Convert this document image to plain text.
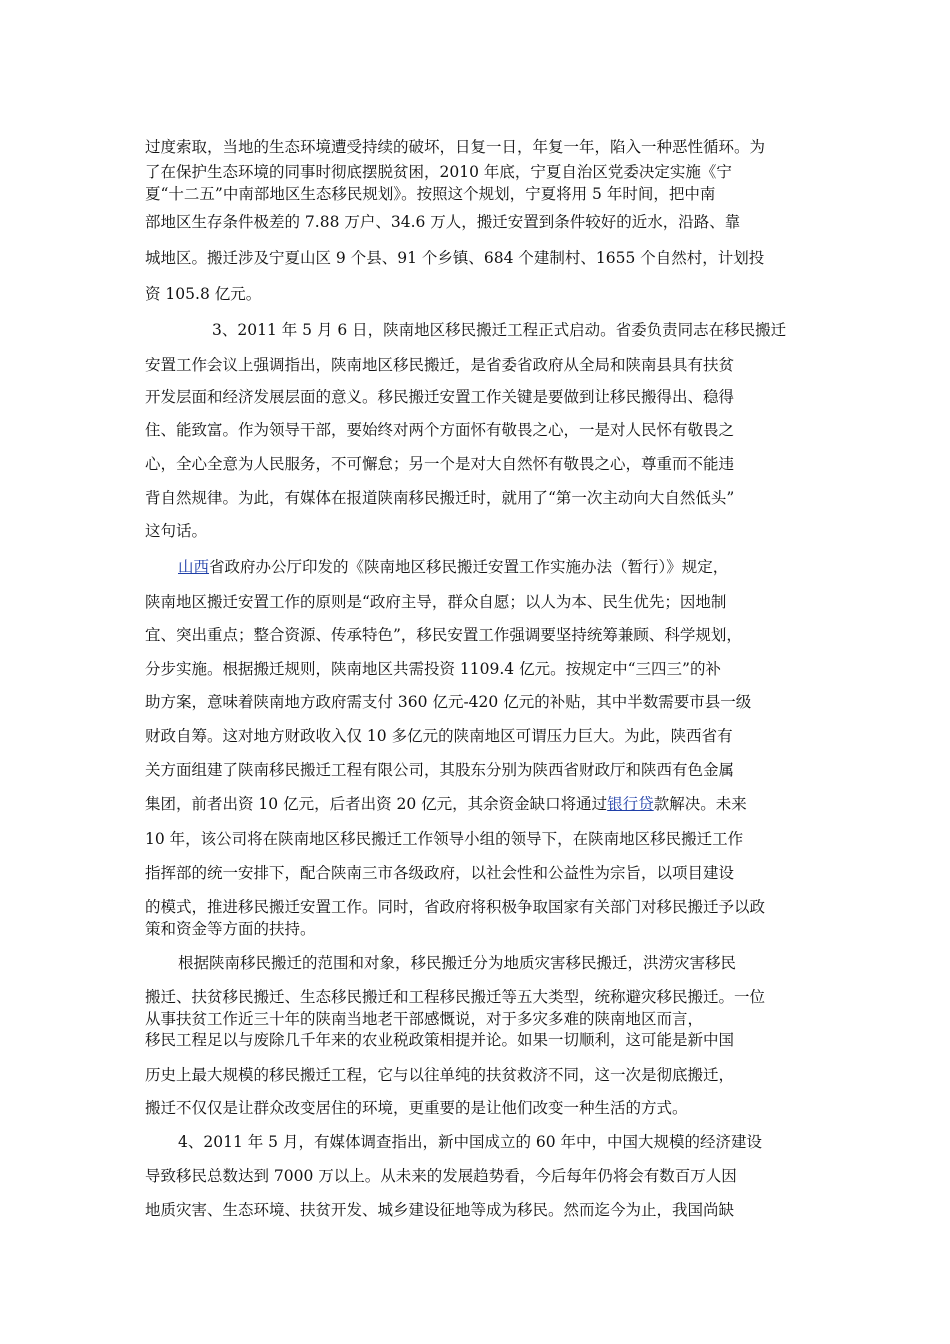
过度索取，当地的生态环境遭受持续的破坏，日复一日，年复一年，陷入一种恶性循环。为
了在保护生态环境的同事时彻底摆脱贫困，2010 年底，宁夏自治区党委决定实施《宁
夏“十二五”中南部地区生态移民规划》。按照这个规划，宁夏将用 5 年时间，把中南
部地区生存条件极差的 7.88 万户、34.6 万人，搬迁安置到条件较好的近水，沿路、靠
城地区。搬迁涉及宁夏山区 9 个县、91 个乡镇、684 个建制村、1655 个自然村，计划投
资 105.8 亿元。
3、2011 年 5 月 6 日，陕南地区移民搬迁工程正式启动。省委负责同志在移民搬迁
安置工作会议上强调指出，陕南地区移民搬迁，是省委省政府从全局和陕南县具有扶贫
开发层面和经济发展层面的意义。移民搬迁安置工作关键是要做到让移民搬得出、稳得
住、能致富。作为领导干部，要始终对两个方面怀有敬畏之心，一是对人民怀有敬畏之
心，全心全意为人民服务，不可懈怠；另一个是对大自然怀有敬畏之心，尊重而不能违
背自然规律。为此，有媒体在报道陕南移民搬迁时，就用了“第一次主动向大自然低头”
这句话。
山西省政府办公厅印发的《陕南地区移民搬迁安置工作实施办法（暂行）》规定，
陕南地区搬迁安置工作的原则是“政府主导，群众自愿；以人为本、民生优先；因地制
宜、突出重点；整合资源、传承特色”，移民安置工作强调要坚持统筹兼顾、科学规划，
分步实施。根据搬迁规则，陕南地区共需投资 1109.4 亿元。按规定中“三四三”的补
助方案，意味着陕南地方政府需支付 360 亿元-420 亿元的补贴，其中半数需要市县一级
财政自筹。这对地方财政收入仅 10 多亿元的陕南地区可谓压力巨大。为此，陕西省有
关方面组建了陕南移民搬迁工程有限公司，其股东分别为陕西省财政厅和陕西有色金属
集团，前者出资 10 亿元，后者出资 20 亿元，其余资金缺口将通过银行贷款解决。未来
10 年，该公司将在陕南地区移民搬迁工作领导小组的领导下，在陕南地区移民搬迁工作
指挥部的统一安排下，配合陕南三市各级政府，以社会性和公益性为宗旨，以项目建设
的模式，推进移民搬迁安置工作。同时，省政府将积极争取国家有关部门对移民搬迁予以政
策和资金等方面的扶持。
根据陕南移民搬迁的范围和对象，移民搬迁分为地质灾害移民搬迁，洪涝灾害移民
搬迁、扶贫移民搬迁、生态移民搬迁和工程移民搬迁等五大类型，统称避灾移民搬迁。一位
从事扶贫工作近三十年的陕南当地老干部感慨说，对于多灾多难的陕南地区而言，
移民工程足以与废除几千年来的农业税政策相提并论。如果一切顺利，这可能是新中国
历史上最大规模的移民搬迁工程，它与以往单纯的扶贫救济不同，这一次是彻底搬迁，
搬迁不仅仅是让群众改变居住的环境，更重要的是让他们改变一种生活的方式。
4、2011 年 5 月，有媒体调查指出，新中国成立的 60 年中，中国大规模的经济建设
导致移民总数达到 7000 万以上。从未来的发展趋势看，今后每年仍将会有数百万人因
地质灾害、生态环境、扶贫开发、城乡建设征地等成为移民。然而迄今为止，我国尚缺
